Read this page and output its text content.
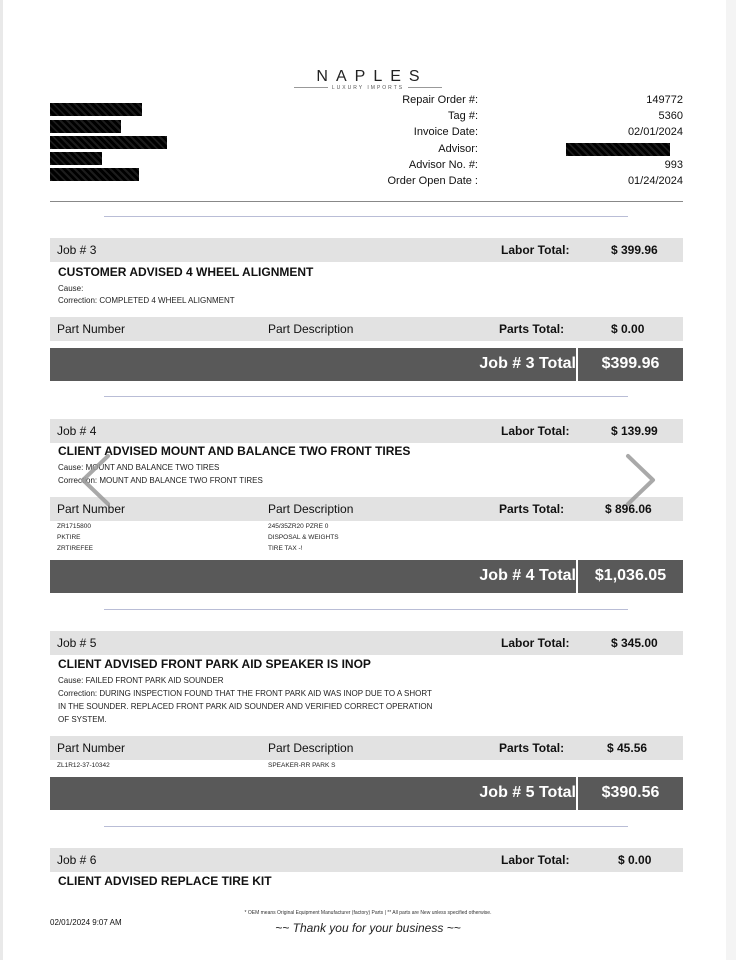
NAPLES
LUXURY IMPORTS
Repair Order #:	149772
Tag #:	5360
Invoice Date:	02/01/2024
Advisor:
Advisor No. #:	993
Order Open Date :	01/24/2024
Job # 3	Labor Total:	$ 399.96
CUSTOMER ADVISED 4 WHEEL ALIGNMENT
Cause:
Correction: COMPLETED 4 WHEEL ALIGNMENT
Part Number	Part Description	Parts Total:	$ 0.00
Job # 3 Total	$399.96
Job # 4	Labor Total:	$ 139.99
CLIENT ADVISED MOUNT AND BALANCE TWO FRONT TIRES
Cause: MOUNT AND BALANCE TWO TIRES
Correction: MOUNT AND BALANCE TWO FRONT TIRES
Part Number	Part Description	Parts Total:	$ 896.06
ZR1715800	245/35ZR20 PZRE 0
PKTIRE	DISPOSAL & WEIGHTS
ZRTIREFEE	TIRE TAX -!
Job # 4 Total	$1,036.05
Job # 5	Labor Total:	$ 345.00
CLIENT ADVISED FRONT PARK AID SPEAKER IS INOP
Cause: FAILED FRONT PARK AID SOUNDER
Correction: DURING INSPECTION FOUND THAT THE FRONT PARK AID WAS INOP DUE TO A SHORT
IN THE SOUNDER. REPLACED FRONT PARK AID SOUNDER AND VERIFIED CORRECT OPERATION
OF SYSTEM.
Part Number	Part Description	Parts Total:	$ 45.56
ZL1R12-37-10342	SPEAKER-RR PARK S
Job # 5 Total	$390.56
Job # 6	Labor Total:	$ 0.00
CLIENT ADVISED REPLACE TIRE KIT
* OEM means Original Equipment Manufacturer (factory) Parts | ** All parts are New unless specified otherwise.
02/01/2024 9:07 AM	~~ Thank you for your business ~~
